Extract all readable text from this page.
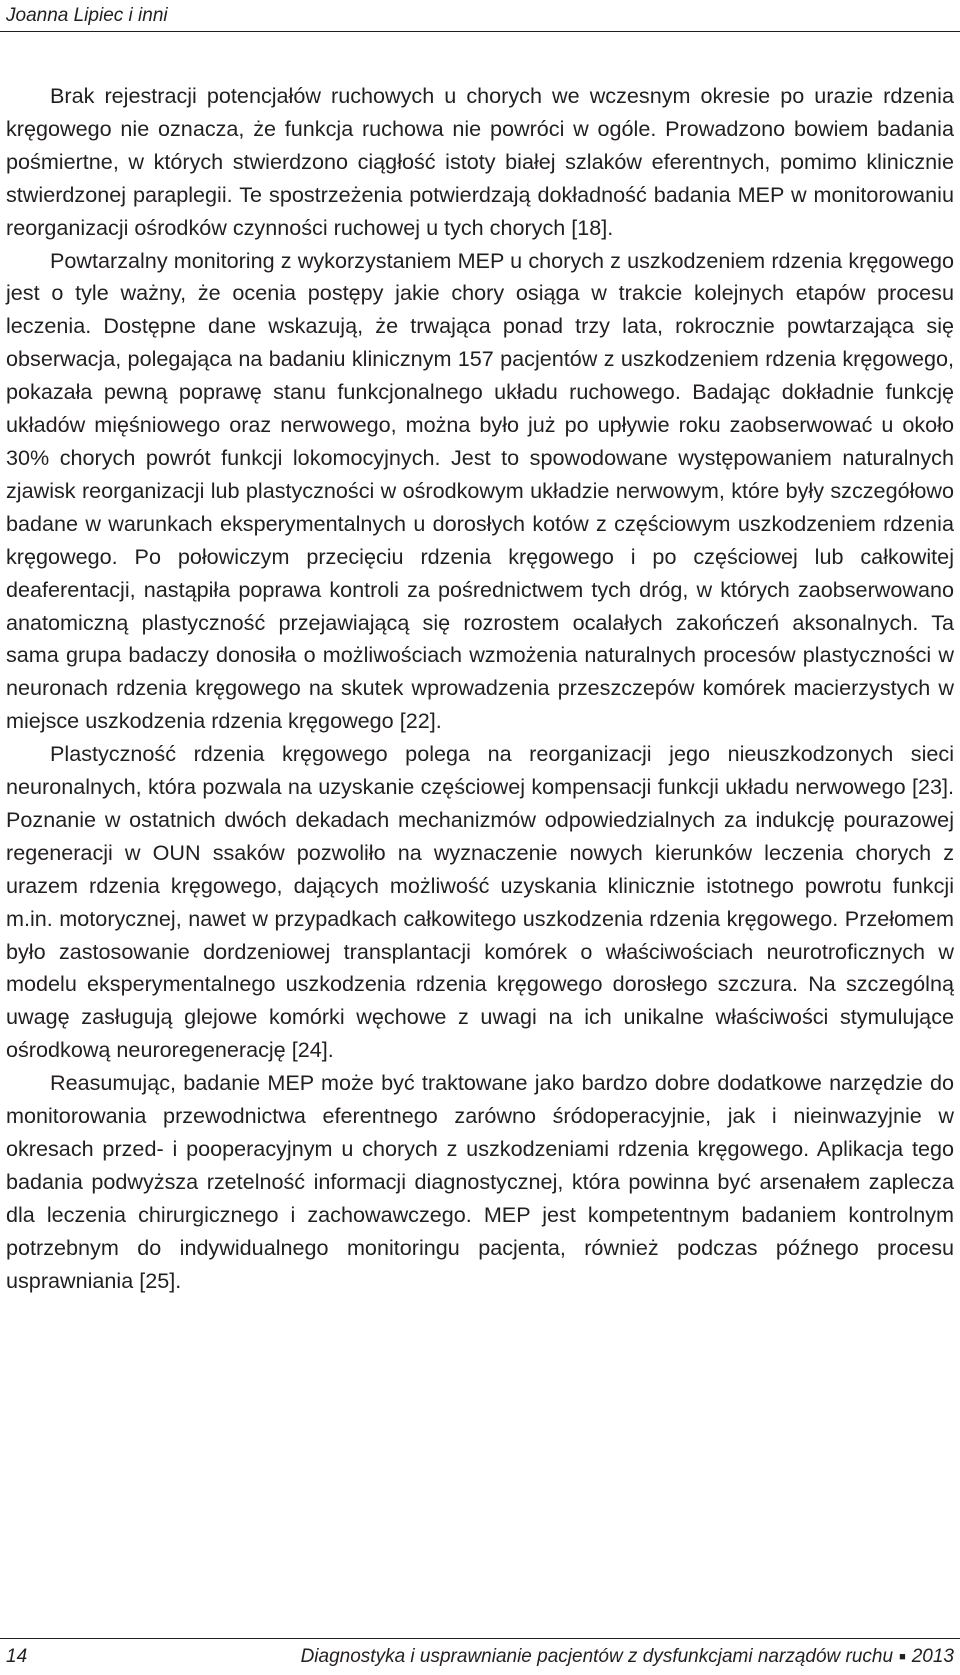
Joanna Lipiec i inni

Brak rejestracji potencjałów ruchowych u chorych we wczesnym okresie po urazie rdzenia kręgowego nie oznacza, że funkcja ruchowa nie powróci w ogóle. Prowadzono bowiem badania pośmiertne, w których stwierdzono ciągłość istoty białej szlaków eferentnych, pomimo klinicznie stwierdzonej paraplegii. Te spostrzeżenia potwierdzają dokładność badania MEP w monitorowaniu reorganizacji ośrodków czynności ruchowej u tych chorych [18].

Powtarzalny monitoring z wykorzystaniem MEP u chorych z uszkodzeniem rdzenia kręgowego jest o tyle ważny, że ocenia postępy jakie chory osiąga w trakcie kolejnych etapów procesu leczenia. Dostępne dane wskazują, że trwająca ponad trzy lata, rokrocznie powtarzająca się obserwacja, polegająca na badaniu klinicznym 157 pacjentów z uszkodzeniem rdzenia kręgowego, pokazała pewną poprawę stanu funkcjonalnego układu ruchowego. Badając dokładnie funkcję układów mięśniowego oraz nerwowego, można było już po upływie roku zaobserwować u około 30% chorych powrót funkcji lokomocyjnych. Jest to spowodowane występowaniem naturalnych zjawisk reorganizacji lub plastyczności w ośrodkowym układzie nerwowym, które były szczegółowo badane w warunkach eksperymentalnych u dorosłych kotów z częściowym uszkodzeniem rdzenia kręgowego. Po połowiczym przecięciu rdzenia kręgowego i po częściowej lub całkowitej deaferentacji, nastąpiła poprawa kontroli za pośrednictwem tych dróg, w których zaobserwowano anatomiczną plastyczność przejawiającą się rozrostem ocalałych zakończeń aksonalnych. Ta sama grupa badaczy donosiła o możliwościach wzmożenia naturalnych procesów plastyczności w neuronach rdzenia kręgowego na skutek wprowadzenia przeszczepów komórek macierzystych w miejsce uszkodzenia rdzenia kręgowego [22].

Plastyczność rdzenia kręgowego polega na reorganizacji jego nieuszkodzonych sieci neuronalnych, która pozwala na uzyskanie częściowej kompensacji funkcji układu nerwowego [23]. Poznanie w ostatnich dwóch dekadach mechanizmów odpowiedzialnych za indukcję pourazowej regeneracji w OUN ssaków pozwoliło na wyznaczenie nowych kierunków leczenia chorych z urazem rdzenia kręgowego, dających możliwość uzyskania klinicznie istotnego powrotu funkcji m.in. motorycznej, nawet w przypadkach całkowitego uszkodzenia rdzenia kręgowego. Przełomem było zastosowanie dordzeniowej transplantacji komórek o właściwościach neurotroficznych w modelu eksperymentalnego uszkodzenia rdzenia kręgowego dorosłego szczura. Na szczególną uwagę zasługują glejowe komórki węchowe z uwagi na ich unikalne właściwości stymulujące ośrodkową neuroregenerację [24].

Reasumując, badanie MEP może być traktowane jako bardzo dobre dodatkowe narzędzie do monitorowania przewodnictwa eferentnego zarówno śródoperacyjnie, jak i nieinwazyjnie w okresach przed- i pooperacyjnym u chorych z uszkodzeniami rdzenia kręgowego. Aplikacja tego badania podwyższa rzetelność informacji diagnostycznej, która powinna być arsenałem zaplecza dla leczenia chirurgicznego i zachowawczego. MEP jest kompetentnym badaniem kontrolnym potrzebnym do indywidualnego monitoringu pacjenta, również podczas późnego procesu usprawniania [25].

14	Diagnostyka i usprawnianie pacjentów z dysfunkcjami narządów ruchu ■ 2013
